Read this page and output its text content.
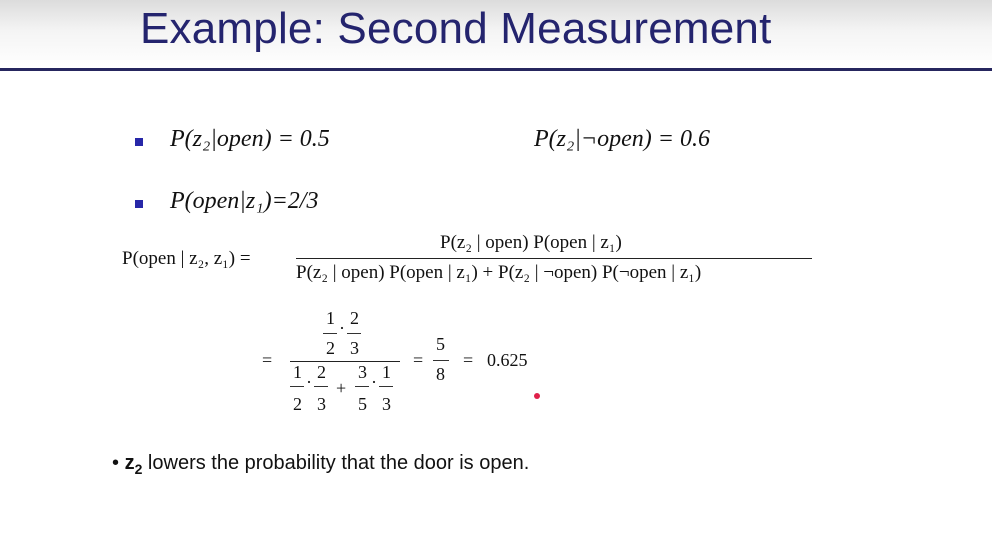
Example: Second Measurement
P(z₂|open) = 0.5	P(z₂|¬open) = 0.6
P(open|z₁)=2/3
P(open | z₂, z₁) =
P(z₂ | open) P(open | z₁)
P(z₂ | open) P(open | z₁) + P(z₂ | ¬open) P(¬open | z₁)
=
1 · 2
2 3
1 2
·
2 3
+
3 1
·
5 3
=
5
8
= 0.625
• $z_2$ lowers the probability that the door is open.
